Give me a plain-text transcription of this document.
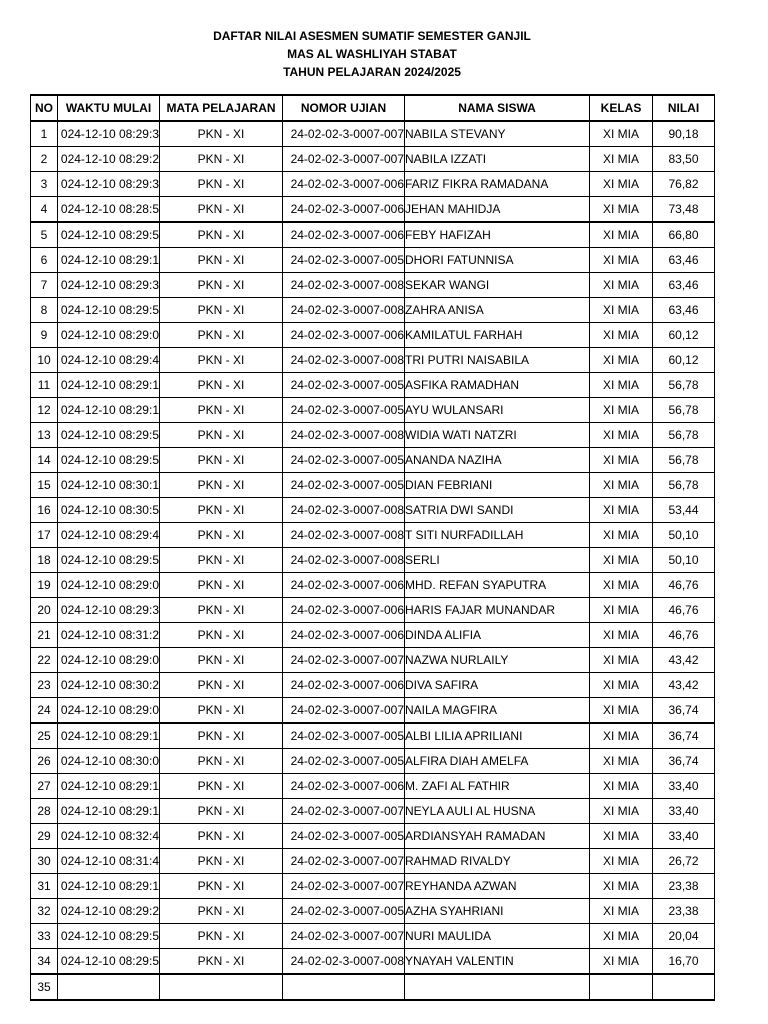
DAFTAR NILAI ASESMEN SUMATIF SEMESTER GANJIL
MAS AL WASHLIYAH STABAT
TAHUN PELAJARAN 2024/2025
NO	WAKTU MULAI	MATA PELAJARAN	NOMOR UJIAN	NAMA SISWA	KELAS	NILAI
1	024-12-10 08:29:3	PKN - XI	24-02-02-3-0007-007	NABILA STEVANY	XI MIA	90,18
2	024-12-10 08:29:2	PKN - XI	24-02-02-3-0007-007	NABILA IZZATI	XI MIA	83,50
3	024-12-10 08:29:3	PKN - XI	24-02-02-3-0007-006	FARIZ FIKRA RAMADANA	XI MIA	76,82
4	024-12-10 08:28:5	PKN - XI	24-02-02-3-0007-006	JEHAN MAHIDJA	XI MIA	73,48
5	024-12-10 08:29:5	PKN - XI	24-02-02-3-0007-006	FEBY HAFIZAH	XI MIA	66,80
6	024-12-10 08:29:1	PKN - XI	24-02-02-3-0007-005	DHORI FATUNNISA	XI MIA	63,46
7	024-12-10 08:29:3	PKN - XI	24-02-02-3-0007-008	SEKAR WANGI	XI MIA	63,46
8	024-12-10 08:29:5	PKN - XI	24-02-02-3-0007-008	ZAHRA ANISA	XI MIA	63,46
9	024-12-10 08:29:0	PKN - XI	24-02-02-3-0007-006	KAMILATUL FARHAH	XI MIA	60,12
10	024-12-10 08:29:4	PKN - XI	24-02-02-3-0007-008	TRI PUTRI NAISABILA	XI MIA	60,12
11	024-12-10 08:29:1	PKN - XI	24-02-02-3-0007-005	ASFIKA RAMADHAN	XI MIA	56,78
12	024-12-10 08:29:1	PKN - XI	24-02-02-3-0007-005	AYU WULANSARI	XI MIA	56,78
13	024-12-10 08:29:5	PKN - XI	24-02-02-3-0007-008	WIDIA WATI NATZRI	XI MIA	56,78
14	024-12-10 08:29:5	PKN - XI	24-02-02-3-0007-005	ANANDA NAZIHA	XI MIA	56,78
15	024-12-10 08:30:1	PKN - XI	24-02-02-3-0007-005	DIAN FEBRIANI	XI MIA	56,78
16	024-12-10 08:30:5	PKN - XI	24-02-02-3-0007-008	SATRIA DWI SANDI	XI MIA	53,44
17	024-12-10 08:29:4	PKN - XI	24-02-02-3-0007-008	T SITI NURFADILLAH	XI MIA	50,10
18	024-12-10 08:29:5	PKN - XI	24-02-02-3-0007-008	SERLI	XI MIA	50,10
19	024-12-10 08:29:0	PKN - XI	24-02-02-3-0007-006	MHD. REFAN SYAPUTRA	XI MIA	46,76
20	024-12-10 08:29:3	PKN - XI	24-02-02-3-0007-006	HARIS FAJAR MUNANDAR	XI MIA	46,76
21	024-12-10 08:31:2	PKN - XI	24-02-02-3-0007-006	DINDA ALIFIA	XI MIA	46,76
22	024-12-10 08:29:0	PKN - XI	24-02-02-3-0007-007	NAZWA NURLAILY	XI MIA	43,42
23	024-12-10 08:30:2	PKN - XI	24-02-02-3-0007-006	DIVA SAFIRA	XI MIA	43,42
24	024-12-10 08:29:0	PKN - XI	24-02-02-3-0007-007	NAILA MAGFIRA	XI MIA	36,74
25	024-12-10 08:29:1	PKN - XI	24-02-02-3-0007-005	ALBI LILIA APRILIANI	XI MIA	36,74
26	024-12-10 08:30:0	PKN - XI	24-02-02-3-0007-005	ALFIRA DIAH AMELFA	XI MIA	36,74
27	024-12-10 08:29:1	PKN - XI	24-02-02-3-0007-006	M. ZAFI AL FATHIR	XI MIA	33,40
28	024-12-10 08:29:1	PKN - XI	24-02-02-3-0007-007	NEYLA AULI AL HUSNA	XI MIA	33,40
29	024-12-10 08:32:4	PKN - XI	24-02-02-3-0007-005	ARDIANSYAH RAMADAN	XI MIA	33,40
30	024-12-10 08:31:4	PKN - XI	24-02-02-3-0007-007	RAHMAD RIVALDY	XI MIA	26,72
31	024-12-10 08:29:1	PKN - XI	24-02-02-3-0007-007	REYHANDA AZWAN	XI MIA	23,38
32	024-12-10 08:29:2	PKN - XI	24-02-02-3-0007-005	AZHA SYAHRIANI	XI MIA	23,38
33	024-12-10 08:29:5	PKN - XI	24-02-02-3-0007-007	NURI MAULIDA	XI MIA	20,04
34	024-12-10 08:29:5	PKN - XI	24-02-02-3-0007-008	YNAYAH VALENTIN	XI MIA	16,70
35						
